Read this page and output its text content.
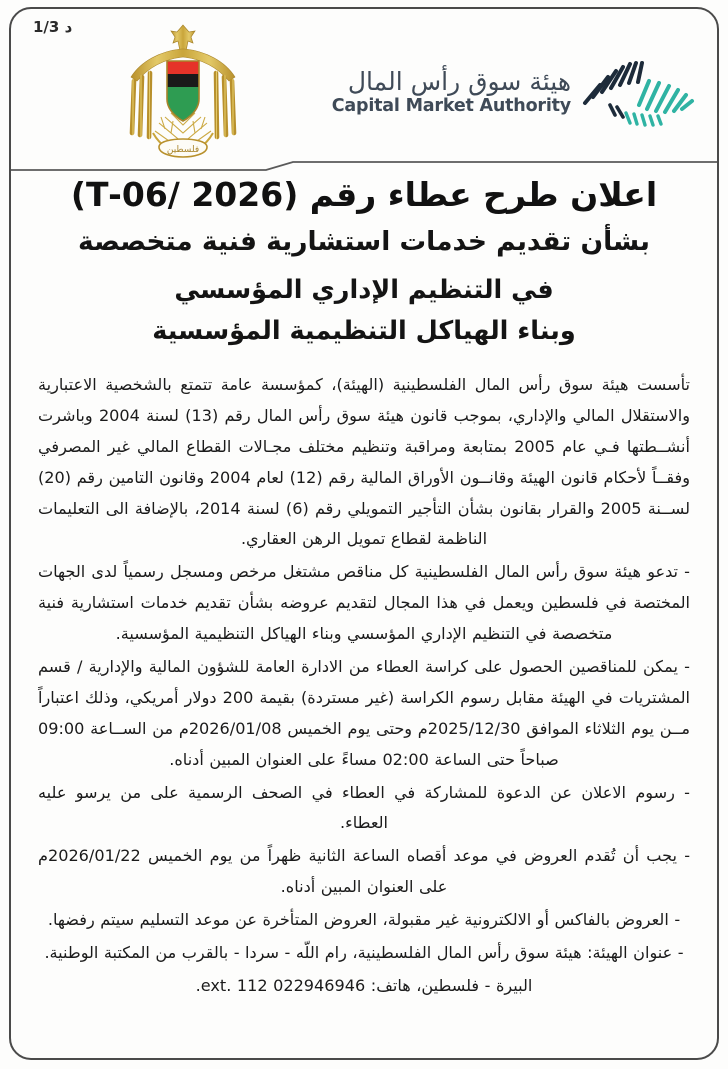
د 1/3
فلسطين
هيئة سوق رأس المال
Capital Market Authority
اعلان طرح عطاء رقم (2026 /06-T)
بشأن تقديم خدمات استشارية فنية متخصصة
في التنظيم الإداري المؤسسي
وبناء الهياكل التنظيمية المؤسسية

تأسست هيئة سوق رأس المال الفلسطينية (الهيئة)، كمؤسسة عامة تتمتع بالشخصية الاعتبارية والاستقلال المالي والإداري، بموجب قانون هيئة سوق رأس المال رقم (13) لسنة 2004 وباشرت أنشــطتها فـي عام 2005 بمتابعة ومراقبة وتنظيم مختلف مجـالات القطاع المالي غير المصرفي وفقــاً لأحكام قانون الهيئة وقانــون الأوراق المالية رقم (12) لعام 2004 وقانون التامين رقم (20) لســنة 2005 والقرار بقانون بشأن التأجير التمويلي رقم (6) لسنة 2014، بالإضافة الى التعليمات الناظمة لقطاع تمويل الرهن العقاري.

- تدعو هيئة سوق رأس المال الفلسطينية كل مناقص مشتغل مرخص ومسجل رسمياً لدى الجهات المختصة في فلسطين ويعمل في هذا المجال لتقديم عروضه بشأن تقديم خدمات استشارية فنية متخصصة في التنظيم الإداري المؤسسي وبناء الهياكل التنظيمية المؤسسية.

- يمكن للمناقصين الحصول على كراسة العطاء من الادارة العامة للشؤون المالية والإدارية / قسم المشتريات في الهيئة مقابل رسوم الكراسة (غير مستردة) بقيمة 200 دولار أمريكي، وذلك اعتباراً مــن يوم الثلاثاء الموافق 2025/12/30م وحتى يوم الخميس 2026/01/08م من الســاعة 09:00 صباحاً حتى الساعة 02:00 مساءً على العنوان المبين أدناه.

- رسوم الاعلان عن الدعوة للمشاركة في العطاء في الصحف الرسمية على من يرسو عليه العطاء.

- يجب أن تُقدم العروض في موعد أقصاه الساعة الثانية ظهراً من يوم الخميس 2026/01/22م على العنوان المبين أدناه.

- العروض بالفاكس أو الالكترونية غير مقبولة، العروض المتأخرة عن موعد التسليم سيتم رفضها.

- عنوان الهيئة: هيئة سوق رأس المال الفلسطينية، رام اللّه - سردا - بالقرب من المكتبة الوطنية.

البيرة - فلسطين، هاتف: 022946946 ext. 112.
